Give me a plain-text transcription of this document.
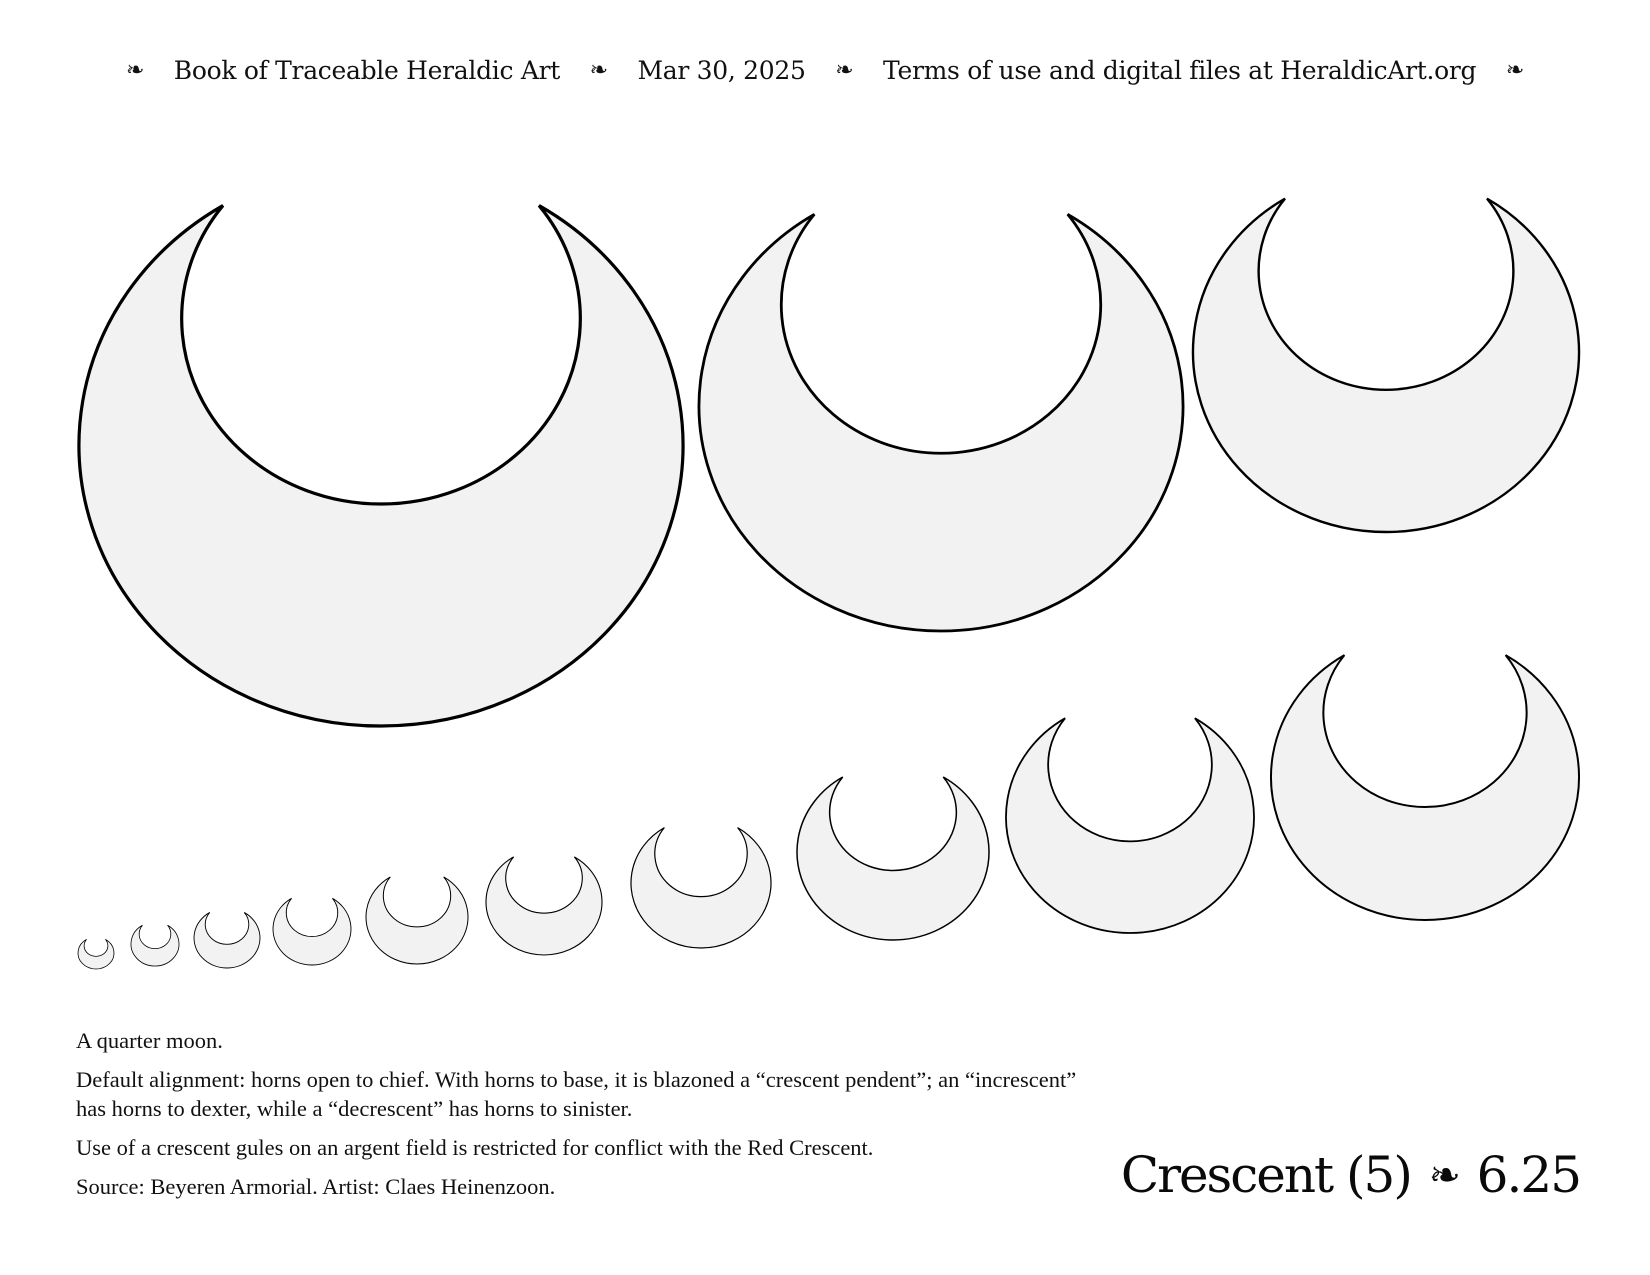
❧ Book of Traceable Heraldic Art ❧ Mar 30, 2025 ❧ Terms of use and digital files at HeraldicArt.org ❧

A quarter moon.

Default alignment: horns open to chief. With horns to base, it is blazoned a “crescent pendent”; an “increscent” has horns to dexter, while a “decrescent” has horns to sinister.

Use of a crescent gules on an argent field is restricted for conflict with the Red Crescent.

Source: Beyeren Armorial. Artist: Claes Heinenzoon.	Crescent (5) ❧ 6.25
